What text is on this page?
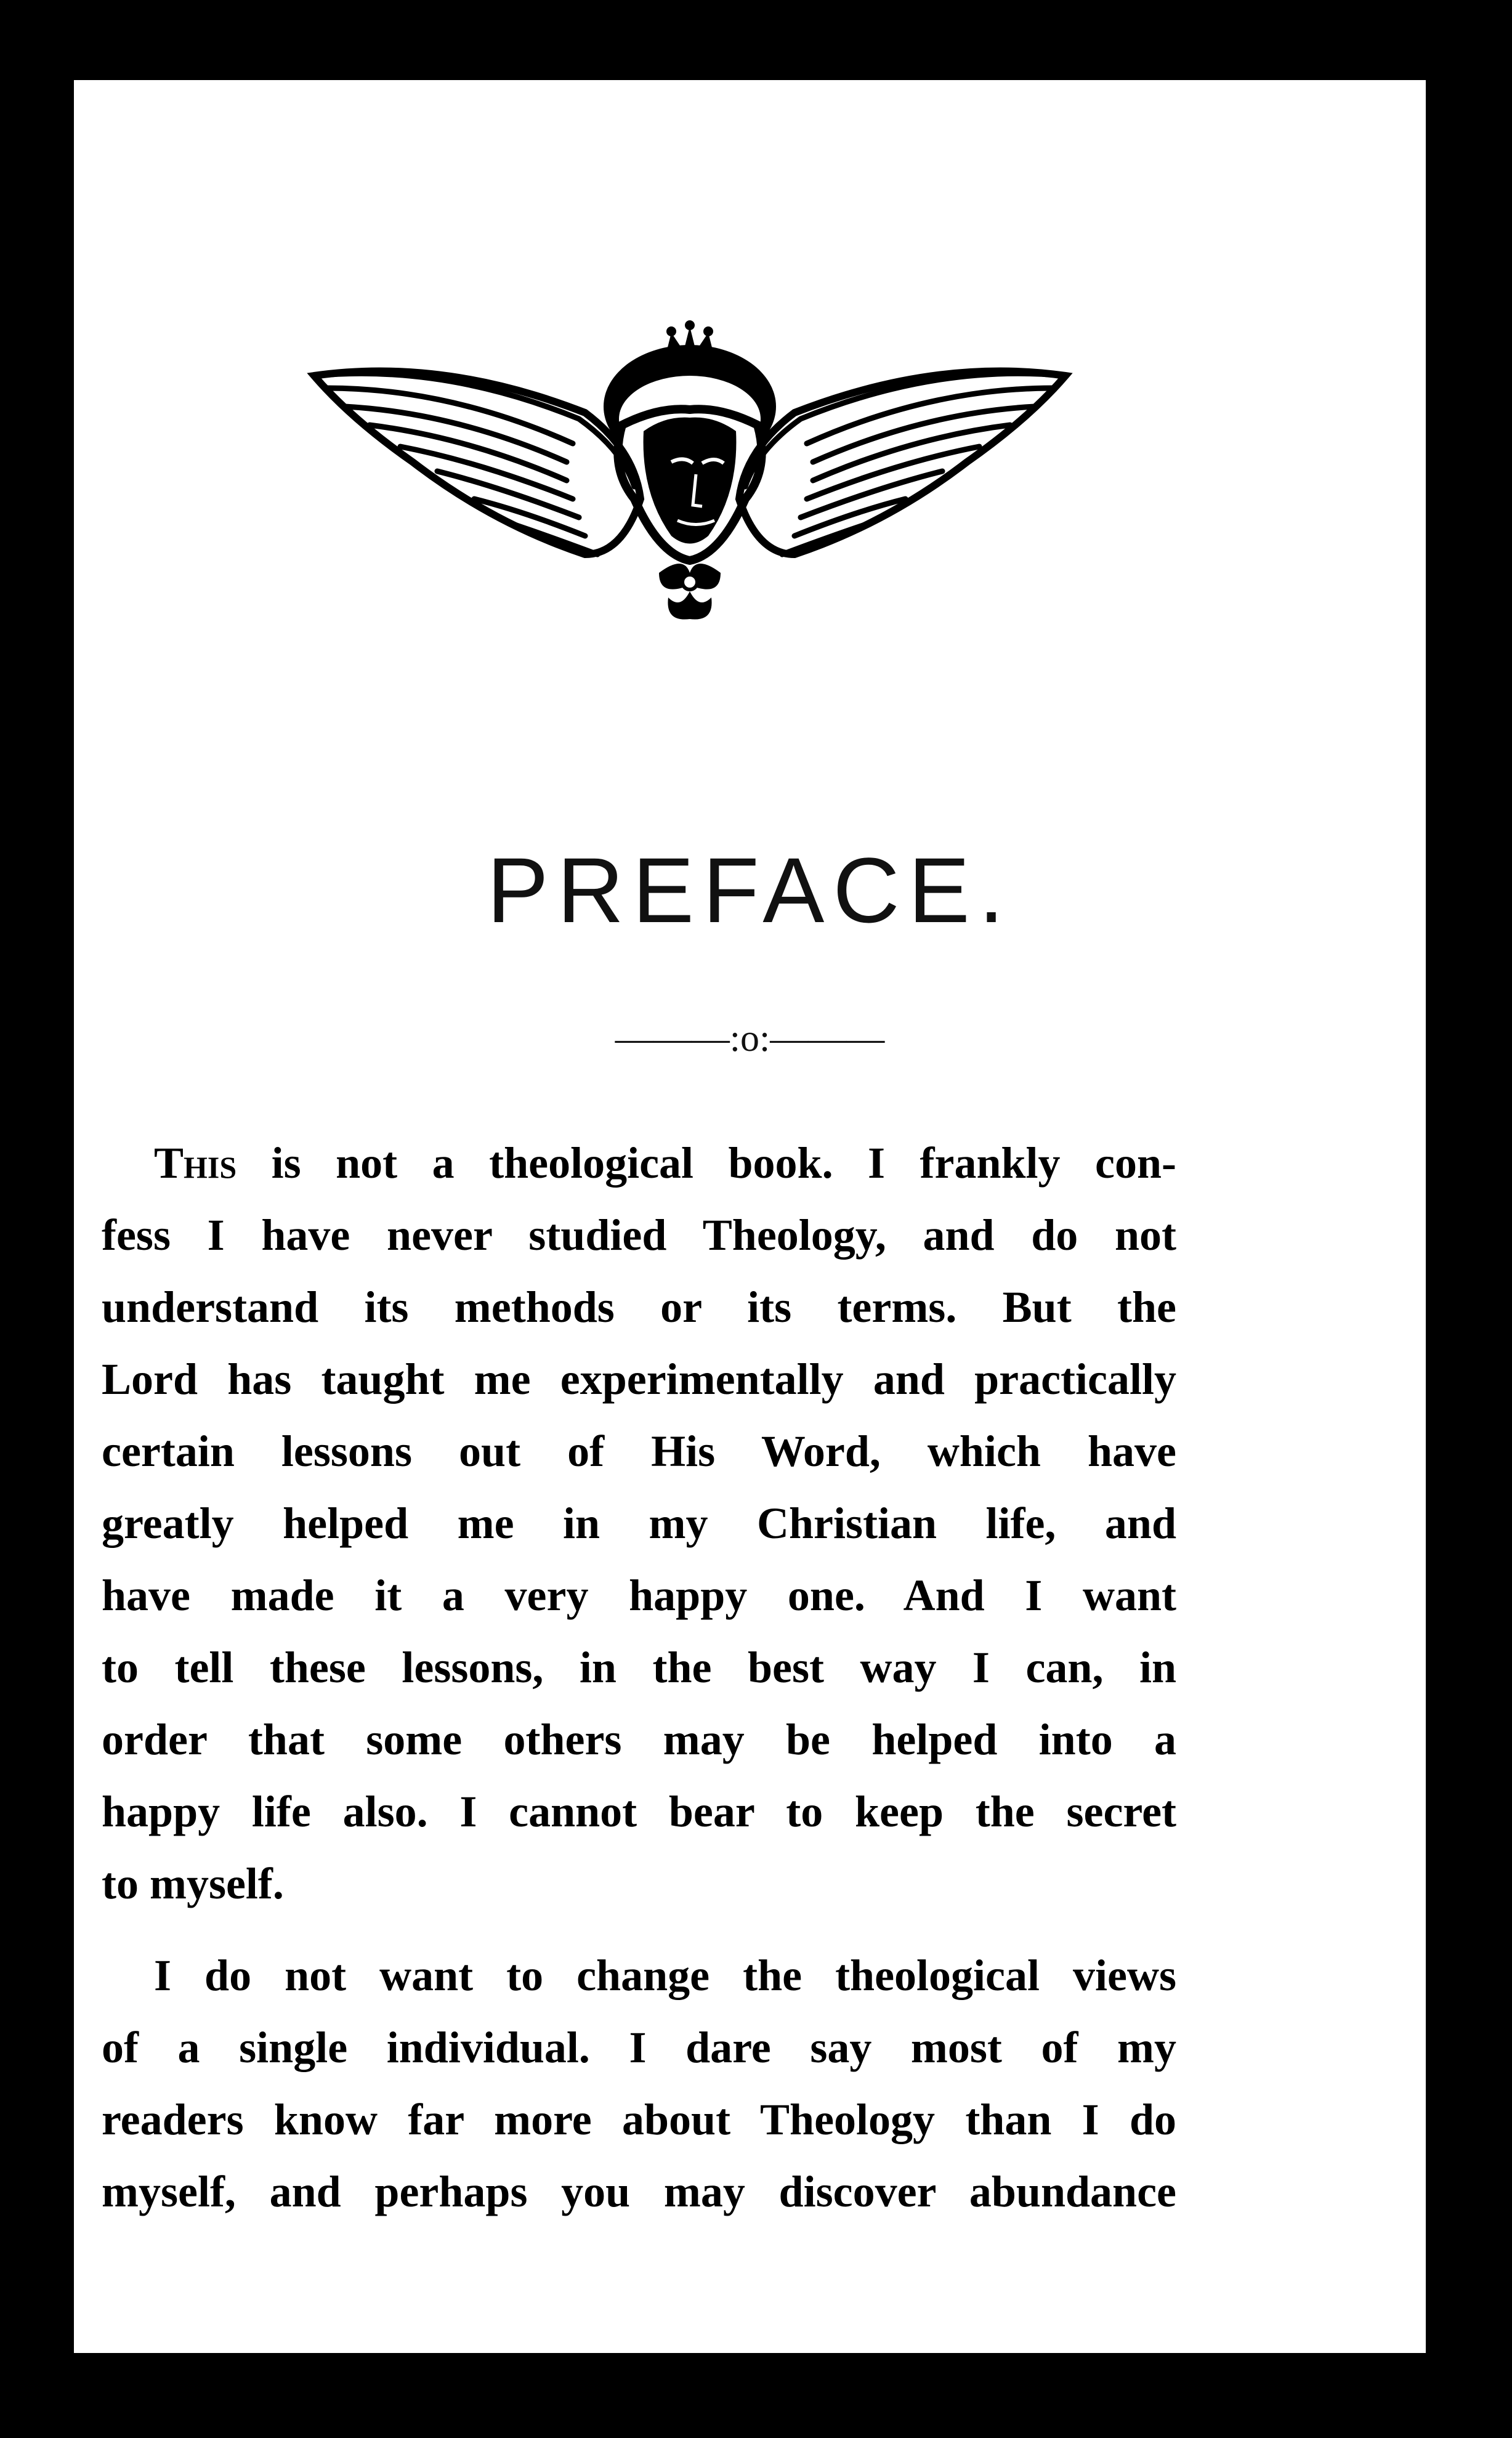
PREFACE.
———:o:———
This is not a theological book. I frankly con-
fess I have never studied Theology, and do not
understand its methods or its terms. But the
Lord has taught me experimentally and practically
certain lessons out of His Word, which have
greatly helped me in my Christian life, and
have made it a very happy one. And I want
to tell these lessons, in the best way I can, in
order that some others may be helped into a
happy life also. I cannot bear to keep the secret
to myself.
I do not want to change the theological views
of a single individual. I dare say most of my
readers know far more about Theology than I do
myself, and perhaps you may discover abundance
